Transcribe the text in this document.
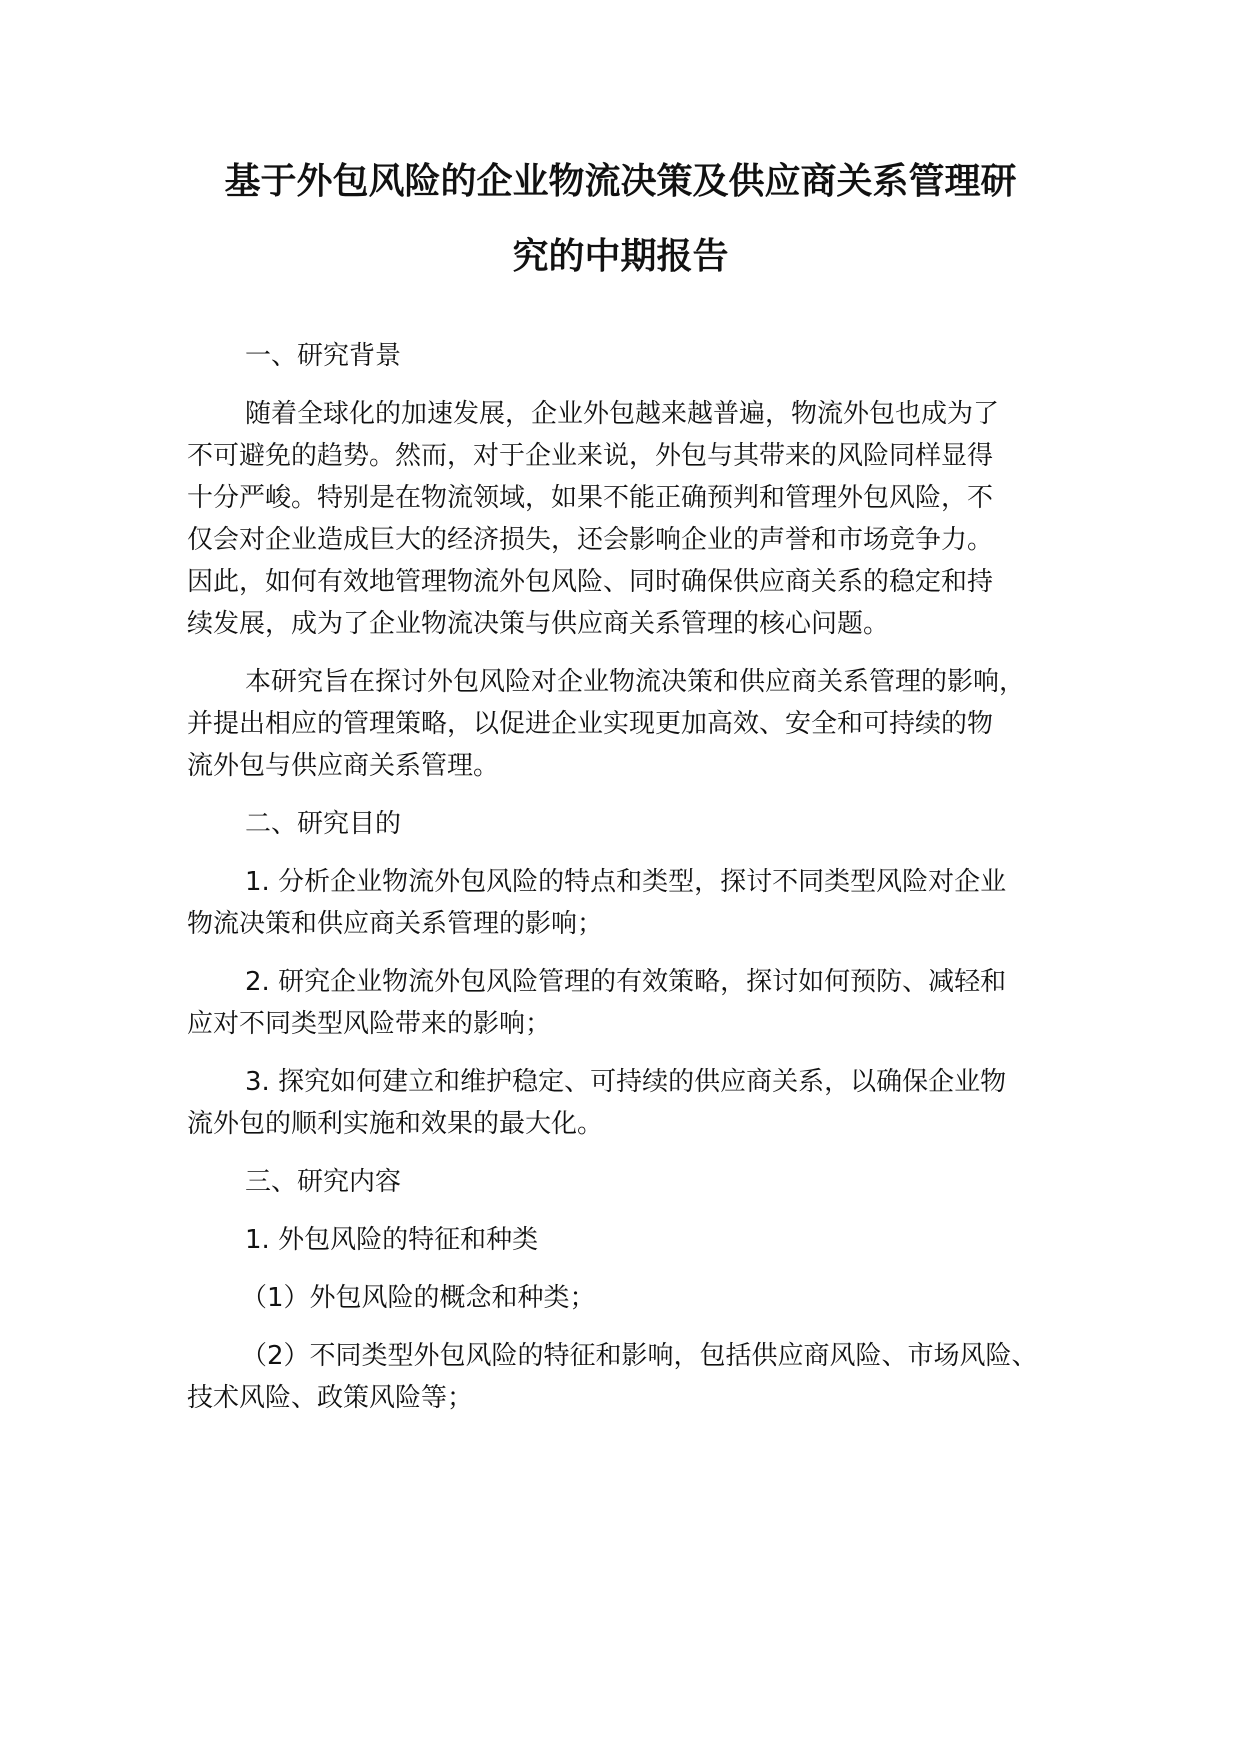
基于外包风险的企业物流决策及供应商关系管理研
究的中期报告
一、研究背景
随着全球化的加速发展，企业外包越来越普遍，物流外包也成为了
不可避免的趋势。然而，对于企业来说，外包与其带来的风险同样显得
十分严峻。特别是在物流领域，如果不能正确预判和管理外包风险，不
仅会对企业造成巨大的经济损失，还会影响企业的声誉和市场竞争力。
因此，如何有效地管理物流外包风险、同时确保供应商关系的稳定和持
续发展，成为了企业物流决策与供应商关系管理的核心问题。
本研究旨在探讨外包风险对企业物流决策和供应商关系管理的影响，
并提出相应的管理策略，以促进企业实现更加高效、安全和可持续的物
流外包与供应商关系管理。
二、研究目的
1. 分析企业物流外包风险的特点和类型，探讨不同类型风险对企业
物流决策和供应商关系管理的影响；
2. 研究企业物流外包风险管理的有效策略，探讨如何预防、减轻和
应对不同类型风险带来的影响；
3. 探究如何建立和维护稳定、可持续的供应商关系，以确保企业物
流外包的顺利实施和效果的最大化。
三、研究内容
1. 外包风险的特征和种类
（1）外包风险的概念和种类；
（2）不同类型外包风险的特征和影响，包括供应商风险、市场风险、
技术风险、政策风险等；
